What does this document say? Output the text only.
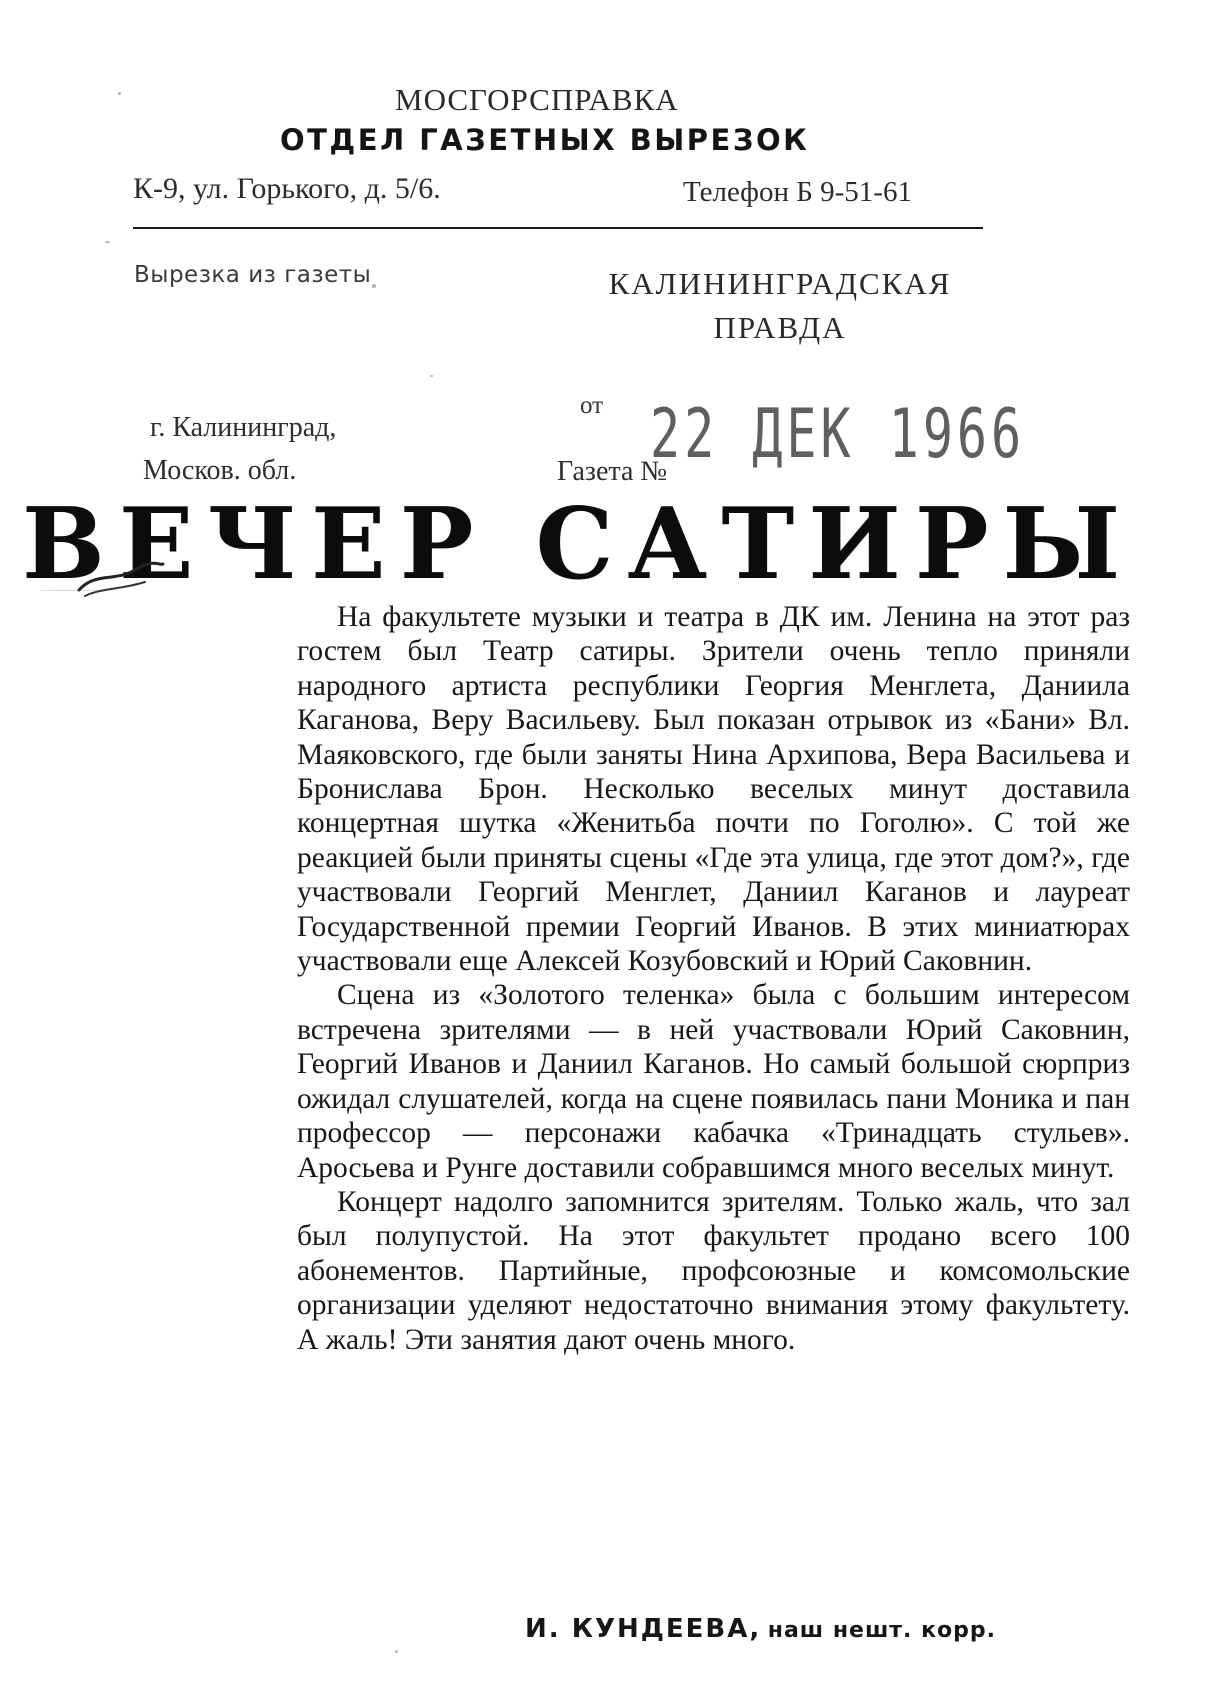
МОСГОРСПРАВКА
ОТДЕЛ ГАЗЕТНЫХ ВЫРЕЗОК
К-9, ул. Горького, д. 5/6.	Телефон Б 9-51-61
Вырезка из газеты	КАЛИНИНГРАДСКАЯ ПРАВДА
от 22 ДЕК 1966
г. Калининград,
Москов. обл.	Газета №
ВЕЧЕР САТИРЫ

На факультете музыки и театра в ДК им. Ленина на этот раз гостем был Театр сатиры. Зрители очень тепло приняли народного артиста республики Георгия Менглета, Даниила Каганова, Веру Васильеву. Был показан отрывок из «Бани» Вл. Маяковского, где были заняты Нина Архипова, Вера Васильева и Бронислава Брон. Несколько веселых минут доставила концертная шутка «Женитьба почти по Гоголю». С той же реакцией были приняты сцены «Где эта улица, где этот дом?», где участвовали Георгий Менглет, Даниил Каганов и лауреат Государственной премии Георгий Иванов. В этих миниатюрах участвовали еще Алексей Козубовский и Юрий Саковнин.

Сцена из «Золотого теленка» была с большим интересом встречена зрителями — в ней участвовали Юрий Саковнин, Георгий Иванов и Даниил Каганов. Но самый большой сюрприз ожидал слушателей, когда на сцене появилась пани Моника и пан профессор — персонажи кабачка «Тринадцать стульев». Аросьева и Рунге доставили собравшимся много веселых минут.

Концерт надолго запомнится зрителям. Только жаль, что зал был полупустой. На этот факультет продано всего 100 абонементов. Партийные, профсоюзные и комсомольские организации уделяют недостаточно внимания этому факультету. А жаль! Эти занятия дают очень много.

И. КУНДЕЕВА, наш нешт. корр.
